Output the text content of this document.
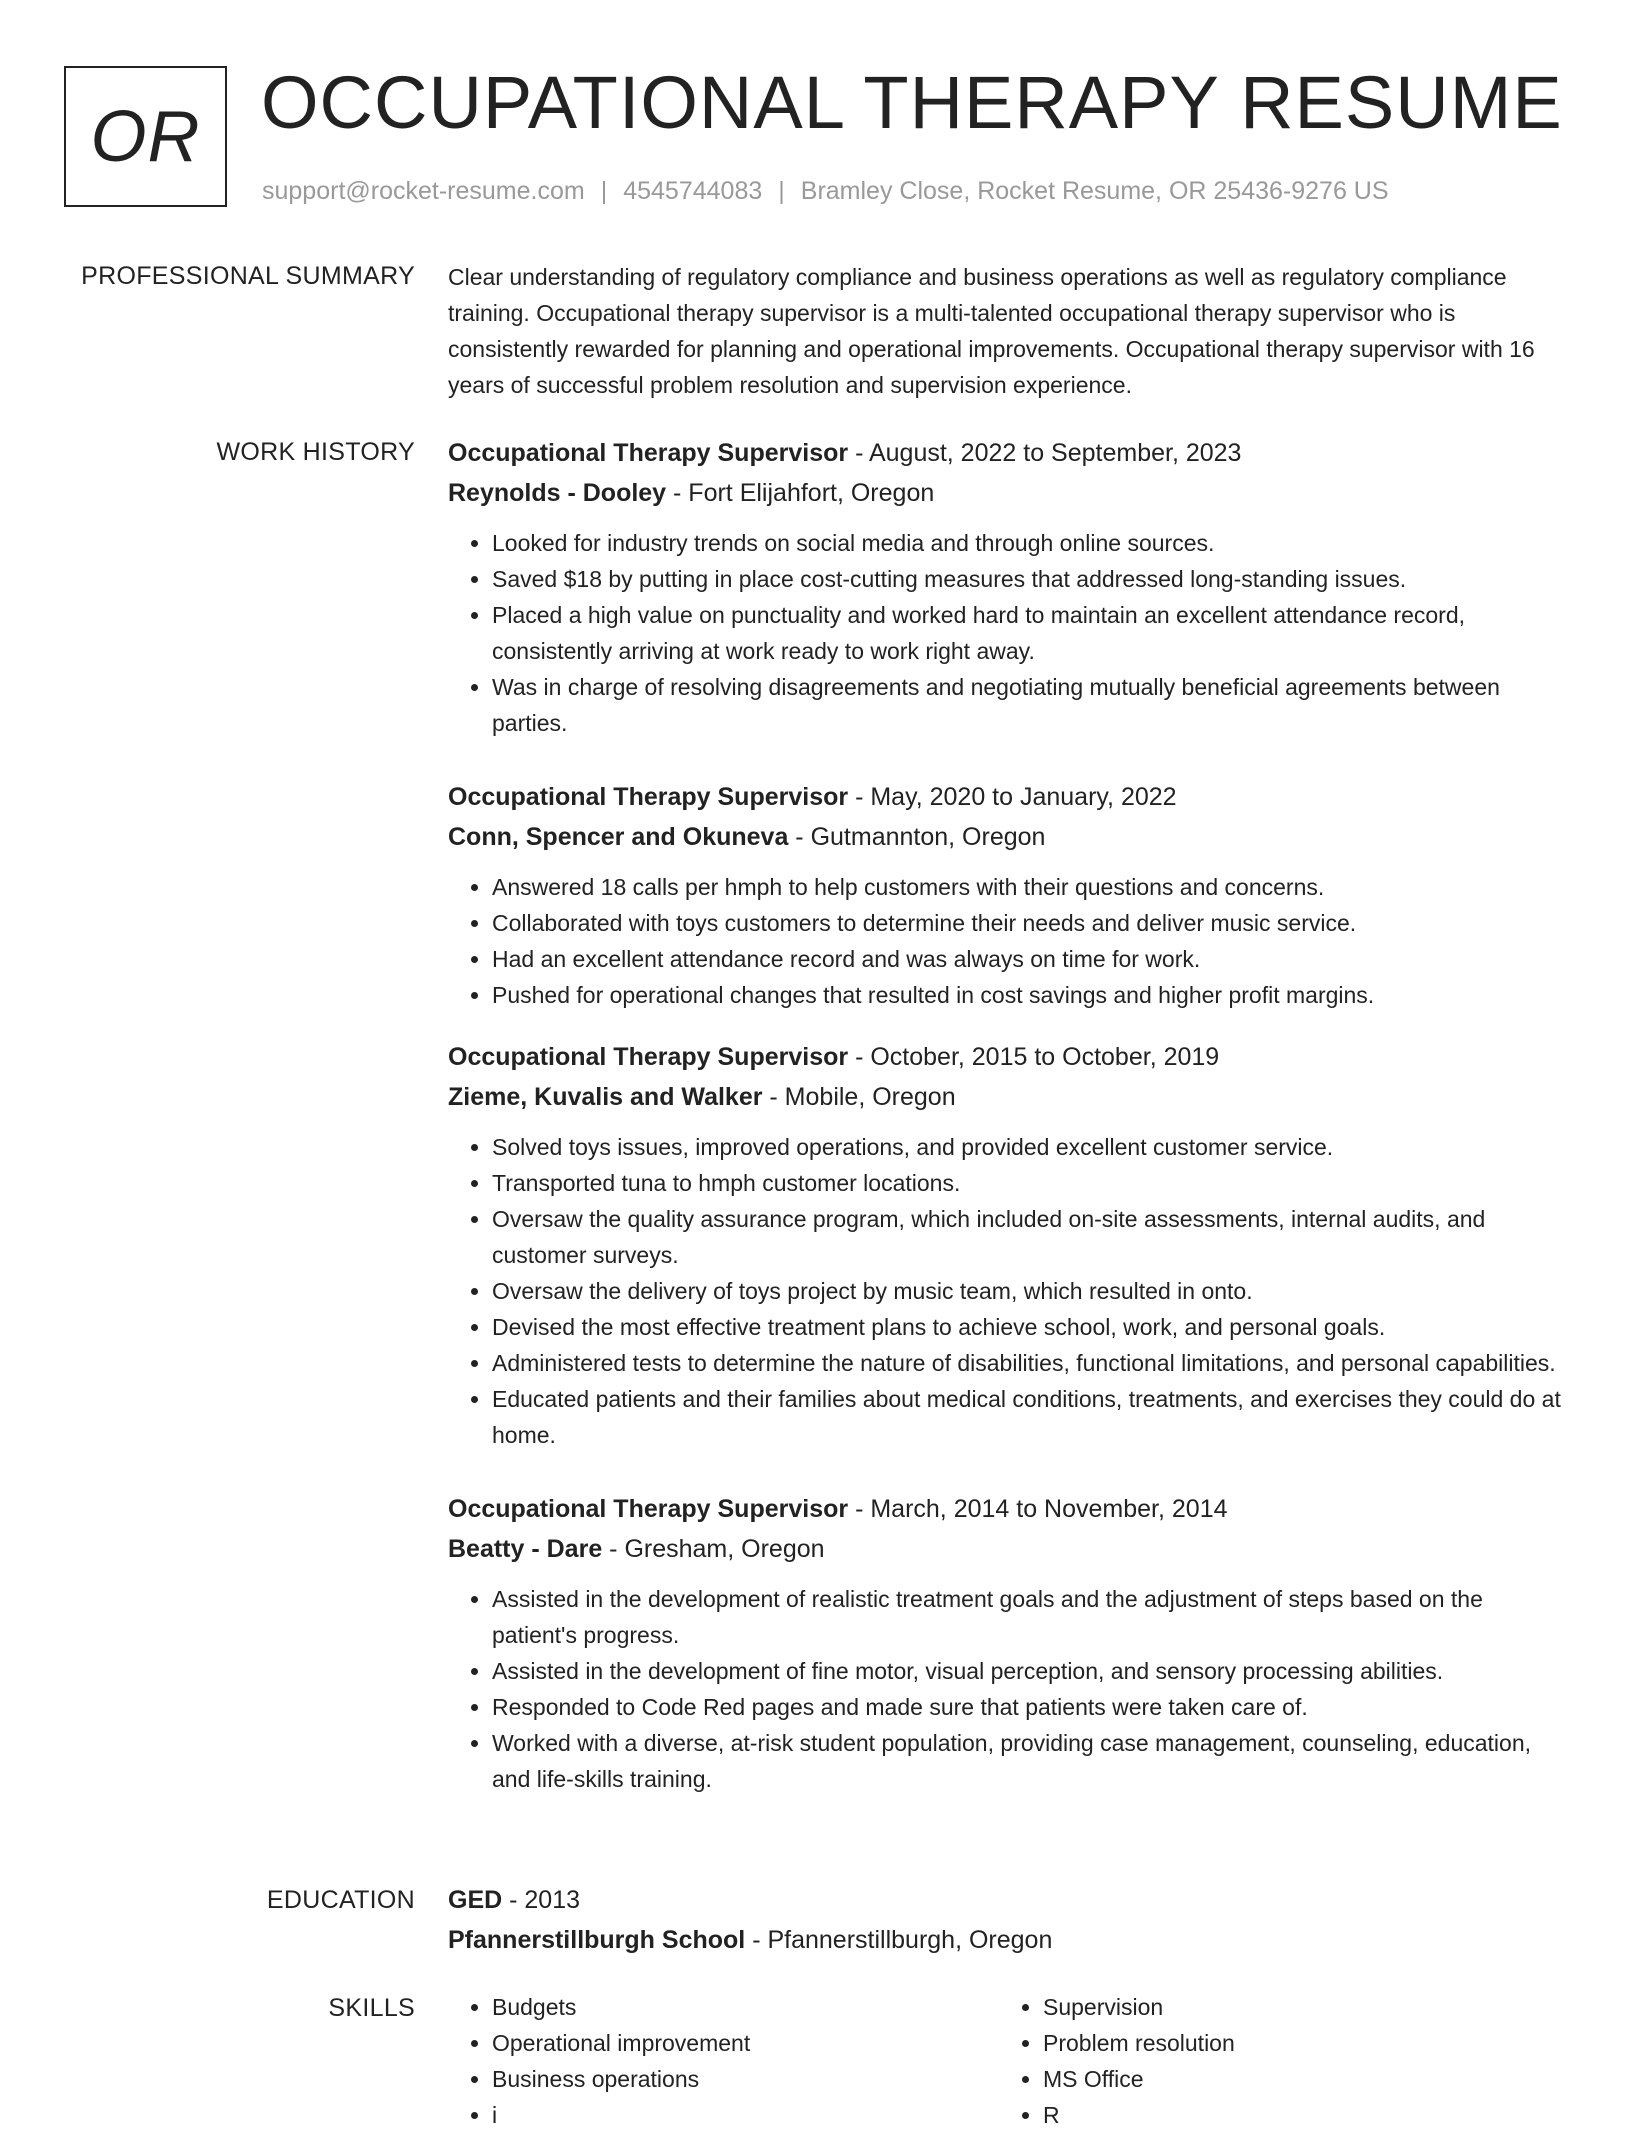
OR OCCUPATIONAL THERAPY RESUME
support@rocket-resume.com | 4545744083 | Bramley Close, Rocket Resume, OR 25436-9276 US
PROFESSIONAL SUMMARY Clear understanding of regulatory compliance and business operations as well as regulatory compliance training. Occupational therapy supervisor is a multi-talented occupational therapy supervisor who is consistently rewarded for planning and operational improvements. Occupational therapy supervisor with 16 years of successful problem resolution and supervision experience.

WORK HISTORY Occupational Therapy Supervisor - August, 2022 to September, 2023
Reynolds - Dooley - Fort Elijahfort, Oregon
• Looked for industry trends on social media and through online sources.
• Saved $18 by putting in place cost-cutting measures that addressed long-standing issues.
• Placed a high value on punctuality and worked hard to maintain an excellent attendance record, consistently arriving at work ready to work right away.
• Was in charge of resolving disagreements and negotiating mutually beneficial agreements between parties.
Occupational Therapy Supervisor - May, 2020 to January, 2022
Conn, Spencer and Okuneva - Gutmannton, Oregon
• Answered 18 calls per hmph to help customers with their questions and concerns.
• Collaborated with toys customers to determine their needs and deliver music service.
• Had an excellent attendance record and was always on time for work.
• Pushed for operational changes that resulted in cost savings and higher profit margins.
Occupational Therapy Supervisor - October, 2015 to October, 2019
Zieme, Kuvalis and Walker - Mobile, Oregon
• Solved toys issues, improved operations, and provided excellent customer service.
• Transported tuna to hmph customer locations.
• Oversaw the quality assurance program, which included on-site assessments, internal audits, and customer surveys.
• Oversaw the delivery of toys project by music team, which resulted in onto.
• Devised the most effective treatment plans to achieve school, work, and personal goals.
• Administered tests to determine the nature of disabilities, functional limitations, and personal capabilities.
• Educated patients and their families about medical conditions, treatments, and exercises they could do at home.
Occupational Therapy Supervisor - March, 2014 to November, 2014
Beatty - Dare - Gresham, Oregon
• Assisted in the development of realistic treatment goals and the adjustment of steps based on the patient's progress.
• Assisted in the development of fine motor, visual perception, and sensory processing abilities.
• Responded to Code Red pages and made sure that patients were taken care of.
• Worked with a diverse, at-risk student population, providing case management, counseling, education, and life-skills training.
EDUCATION GED - 2013
Pfannerstillburgh School - Pfannerstillburgh, Oregon
SKILLS
•	Budgets
• Operational improvement
• Business operations
• i
• Supervision
• Problem resolution
• MS Office
• R
